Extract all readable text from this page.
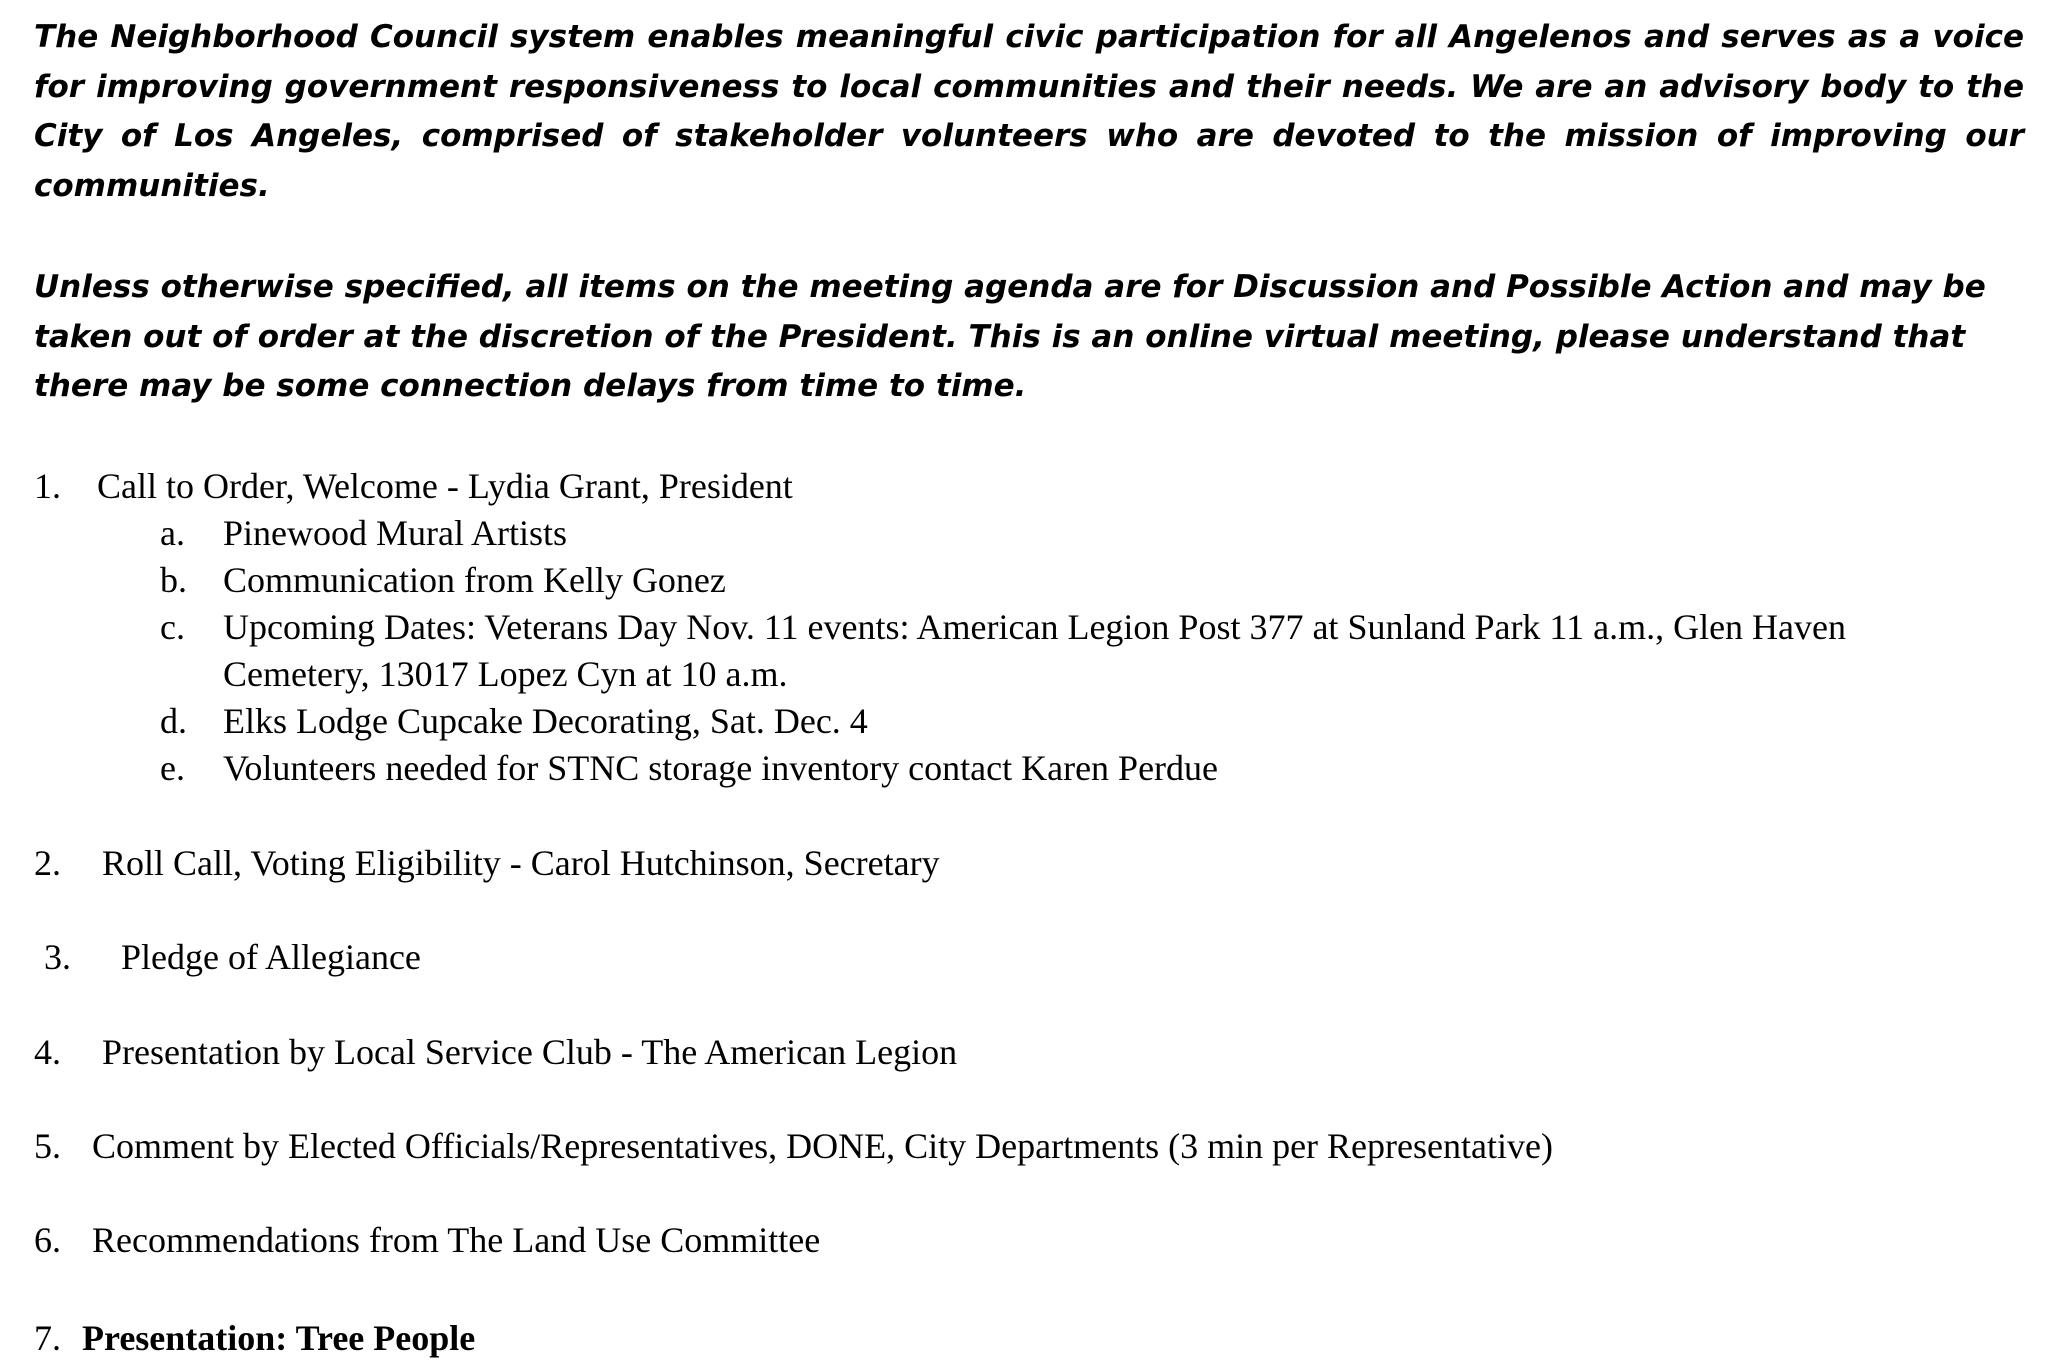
The Neighborhood Council system enables meaningful civic participation for all Angelenos and serves as a voice for improving government responsiveness to local communities and their needs. We are an advisory body to the City of Los Angeles, comprised of stakeholder volunteers who are devoted to the mission of improving our communities.

Unless otherwise specified, all items on the meeting agenda are for Discussion and Possible Action and may be
taken out of order at the discretion of the President. This is an online virtual meeting, please understand that
there may be some connection delays from time to time.
1. Call to Order, Welcome - Lydia Grant, President
a. Pinewood Mural Artists
b. Communication from Kelly Gonez
c. Upcoming Dates: Veterans Day Nov. 11 events: American Legion Post 377 at Sunland Park 11 a.m., Glen Haven
Cemetery, 13017 Lopez Cyn at 10 a.m.
d. Elks Lodge Cupcake Decorating, Sat. Dec. 4
e. Volunteers needed for STNC storage inventory contact Karen Perdue
2. Roll Call, Voting Eligibility - Carol Hutchinson, Secretary
3. Pledge of Allegiance
4. Presentation by Local Service Club - The American Legion
5. Comment by Elected Officials/Representatives, DONE, City Departments (3 min per Representative)
6. Recommendations from The Land Use Committee
7. Presentation: Tree People
